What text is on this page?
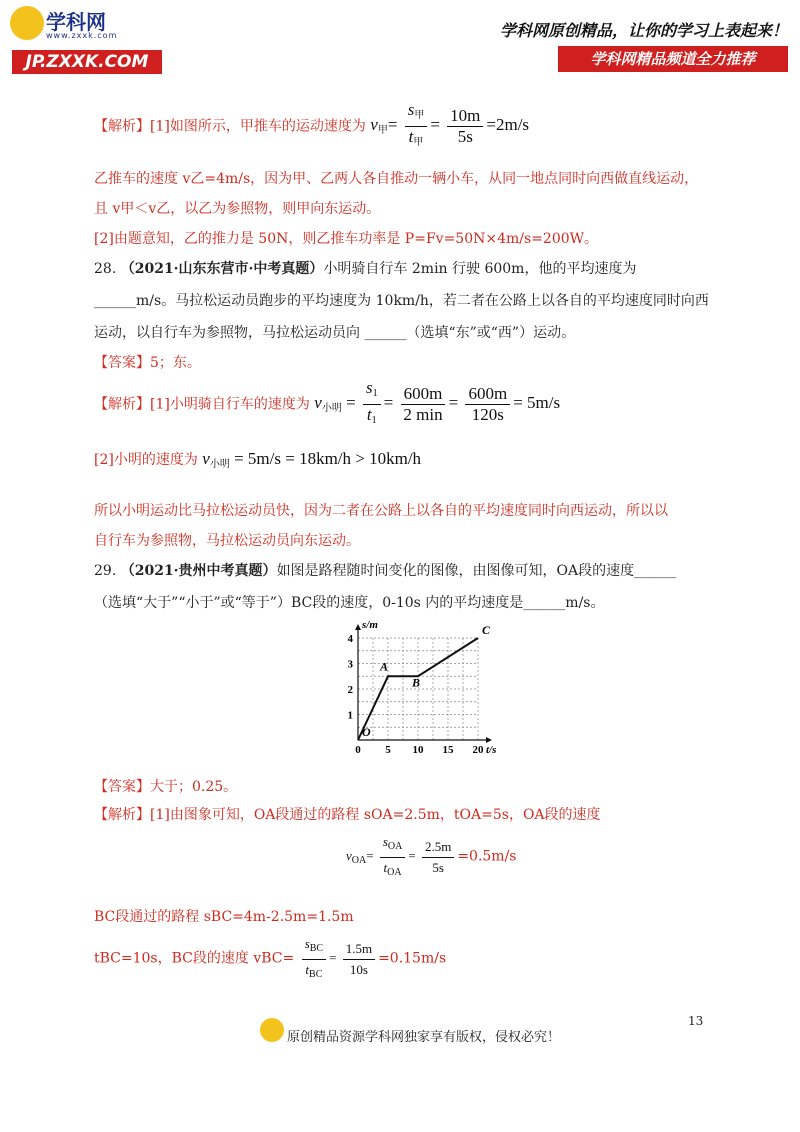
学科网
www.zxxk.com
JP.ZXXK.COM
学科网原创精品，让你的学习上表起来！
学科网精品频道全力推荐
【解析】[1]如图所示，甲推车的运动速度为 $v_甲= \frac{s_甲}{t_甲} = \frac{10m}{5s} =2m/s$
乙推车的速度 v乙=4m/s，因为甲、乙两人各自推动一辆小车，从同一地点同时向西做直线运动，
且 v甲＜v乙，以乙为参照物，则甲向东运动。
[2]由题意知，乙的推力是 50N，则乙推车功率是 P=Fv=50N×4m/s=200W。
28. （2021·山东东营市·中考真题）小明骑自行车 2min 行驶 600m，他的平均速度为
______m/s。马拉松运动员跑步的平均速度为 10km/h，若二者在公路上以各自的平均速度同时向西
运动，以自行车为参照物，马拉松运动员向 ______（选填“东”或“西”）运动。
【答案】5；东。
【解析】[1]小明骑自行车的速度为 $v_{小明} = \frac{s_1}{t_1} = \frac{600m}{2 \min} = \frac{600m}{120s} = 5m/s$
[2]小明的速度为 $v_{小明} = 5m/s = 18km/h > 10km/h$
所以小明运动比马拉松运动员快，因为二者在公路上以各自的平均速度同时向西运动，所以以
自行车为参照物，马拉松运动员向东运动。
29. （2021·贵州中考真题）如图是路程随时间变化的图像，由图像可知，OA段的速度______
（选填“大于”“小于”或“等于”）BC段的速度，0-10s 内的平均速度是______m/s。
0 5 10 15 20
1
2
3
4
O
A
B
C
s/m
t/s
【答案】大于；0.25。
【解析】[1]由图象可知，OA段通过的路程 sOA=2.5m，tOA=5s，OA段的速度
$v_{OA}= \frac{s_{OA}}{t_{OA}} = \frac{2.5m}{5s} =0.5m/s$
BC段通过的路程 sBC=4m-2.5m=1.5m
tBC=10s，BC段的速度 $vBC= \frac{s_{BC}}{t_{BC}} = \frac{1.5m}{10s} =0.15m/s$
13
原创精品资源学科网独家享有版权，侵权必究！
